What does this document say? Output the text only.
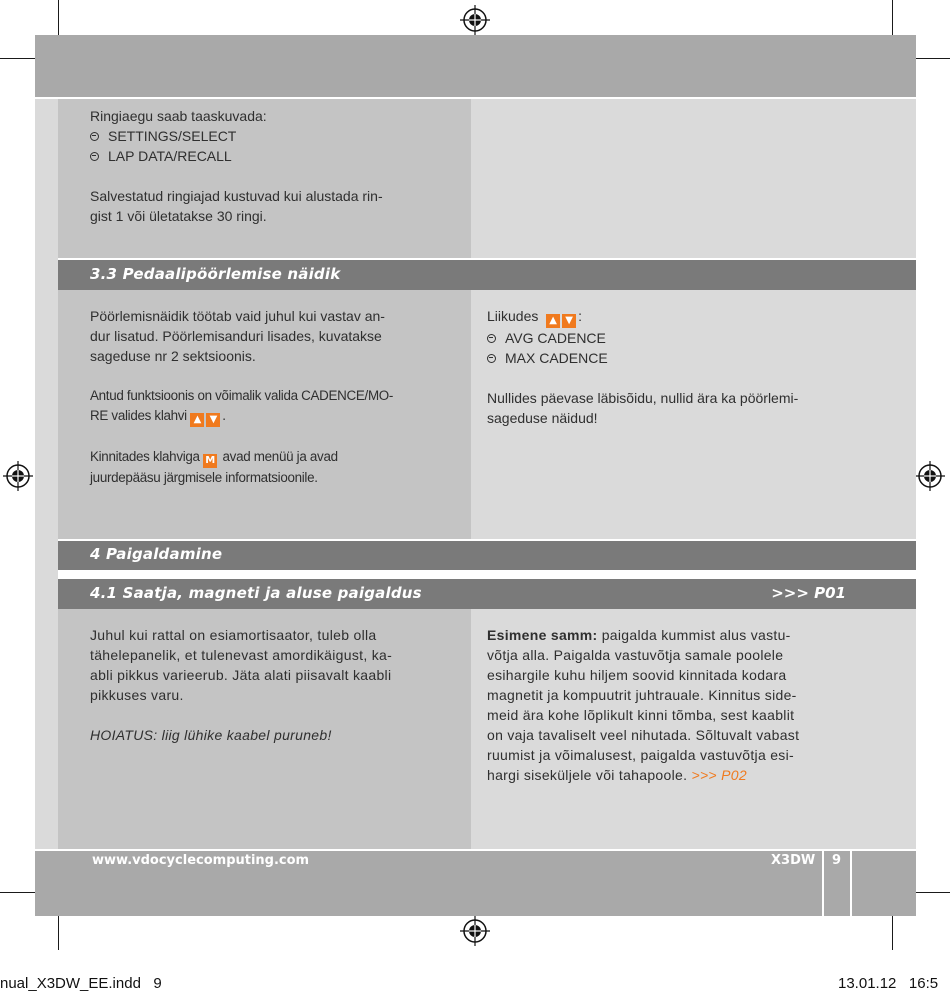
3.3 Pedaalipöörlemise näidik
4 Paigaldamine
4.1 Saatja, magneti ja aluse paigaldus	>>> P01

Ringiaegu saab taaskuvada:

SETTINGS/SELECT

LAP DATA/RECALL

Salvestatud ringiajad kustuvad kui alustada rin-
gist 1 või ületatakse 30 ringi.

Pöörlemisnäidik töötab vaid juhul kui vastav an-
dur lisatud. Pöörlemisanduri lisades, kuvatakse
sageduse nr 2 sektsioonis.

Antud funktsioonis on võimalik valida CADENCE/MO-
RE valides klahvi ▲ ▼ .

Kinnitades klahviga M avad menüü ja avad
juurdepääsu järgmisele informatsioonile.

Liikudes ▲ ▼ :

AVG CADENCE

MAX CADENCE

Nullides päevase läbisõidu, nullid ära ka pöörlemi-
sageduse näidud!

Juhul kui rattal on esiamortisaator, tuleb olla
tähelepanelik, et tulenevast amordikäigust, ka-
abli pikkus varieerub. Jäta alati piisavalt kaabli
pikkuses varu.

HOIATUS: liig lühike kaabel puruneb!

Esimene samm: paigalda kummist alus vastu-
võtja alla. Paigalda vastuvõtja samale poolele
esihargile kuhu hiljem soovid kinnitada kodara
magnetit ja kompuutrit juhtrauale. Kinnitus side-
meid ära kohe lõplikult kinni tõmba, sest kaablit
on vaja tavaliselt veel nihutada. Sõltuvalt vabast
ruumist ja võimalusest, paigalda vastuvõtja esi-
hargi siseküljele või tahapoole. >>> P02
www.vdocyclecomputing.com	X3DW 9
nual_X3DW_EE.indd   9	13.01.12   16:5
